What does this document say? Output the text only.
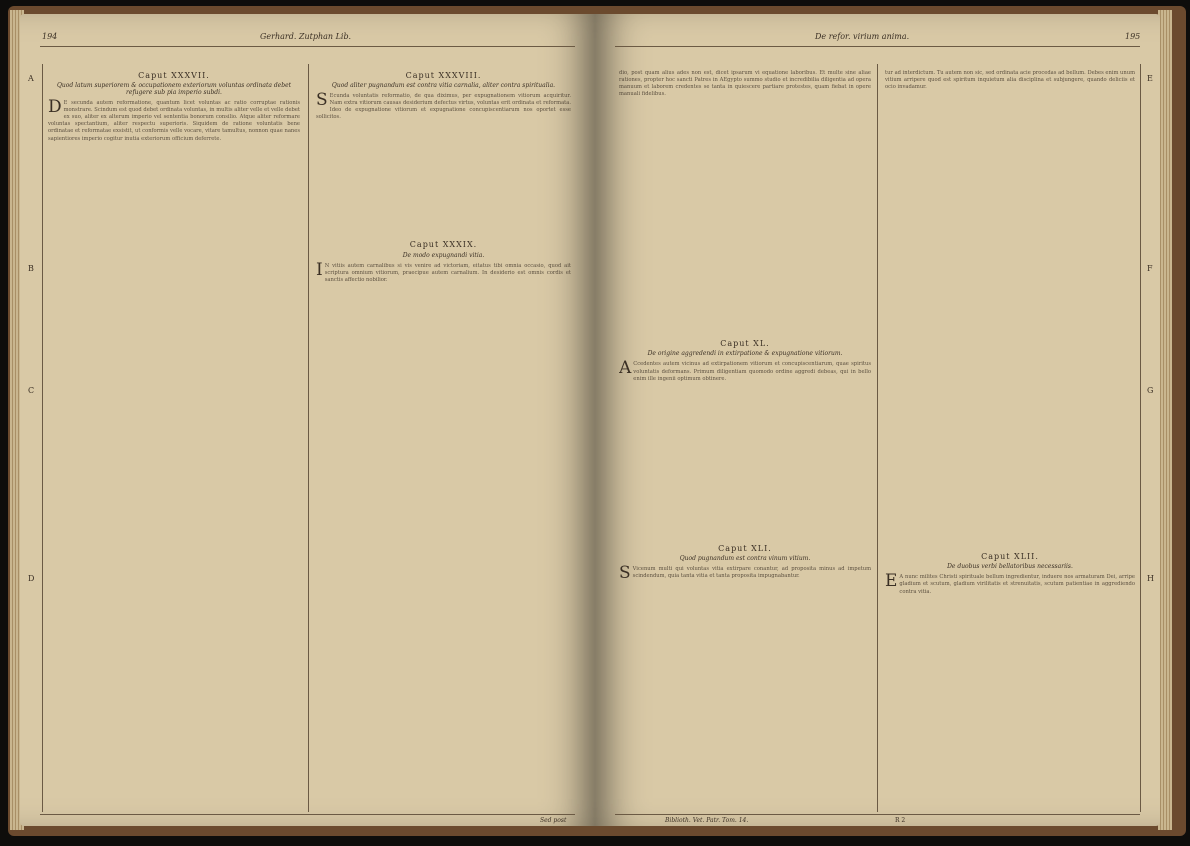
194	Gerhard. Zutphan Lib.
A
B
C
D
Caput XXXVII.
Quod latum superiorem & occupationem exteriorum voluntas ordinata debet refugere sub pia imperio subdi.
D E secunda autem reformatione, quantum licet voluntas ac ratio corruptae rationis monstrare. Scindum est quod debet ordinata voluntas, in multis aliter velle et velle debet ex suo, aliter ex alterum imperio vel sententia bonorum consilio. Atque aliter reformare voluntas spectantium, aliter respectu superioris. Siquidem de ratione voluntatis bene ordinatae et reformatae exsistit, ut conformis velle vocare, vitare tamultus, nonnon quae nanes sapientiores imperio cogitur inutia exteriorum officium deferrete.
Caput XXXVIII.
Quod aliter pugnandum est contra vitia carnalia, aliter contra spiritualia.
S Ecunda voluntatis reformatio, de qua diximus, per expugnationem vitiorum acquiritur. Nam extra vitiorum causas desiderium defectus virtus, voluntas erit ordinata et reformata. Ideo de expugnatione vitiorum et expugnatione concupiscentiarum nos oportet esse sollicitos.
Caput XXXIX.
De modo expugnandi vitia.
I N vitiis autem carnalibus si vis venire ad victoriam, eitatus tibi omnia occasio, quod ait scriptura omnium vitiorum, praecipue autem carnalium. In desiderio est omnis cordis et sanctis affectio nobilior.
Sed post
De refor. virium anima.	195
E
F
G
H
dio, post quam alius ades non est, dicet ipsarum vi equatione laboribus. Et multe sine aliae rationes, propter hoc sancti Patres in AEgypto summo studio et incredibilia diligentia ad opera manuum et laborem credentes se tanta in quiescere partiare protestes, quam fiebat in opere manuali fidelibus.
Caput XL.
De origine aggredendi in extirpatione & expugnatione vitiorum.
A Ccedentes autem vicinus ad extirpationem vitiorum et concupiscentiarum, quae spiritus voluntatis deformans. Primum diligentiam quomodo ordine aggredi debeas, qui in bello enim ille ingenii optimum obtinere.
Caput XLI.
Quod pugnandum est contra vinum vitium.
S Vicenum multi qui voluntas vitia extirpare conantur, ad proposita minus ad impetum scindendum, quia tanta vitia et tanta proposita impugnabantur.
tur ad interdictum. Tu autem non sic, sed ordinata acie procedas ad bellum. Debes enim unum vitium arripere quod est spiritum inquietum alia disciplina et subjungere, quando deliciis et ocio invadamur.
Caput XLII.
De duobus verbi bellatoribus necessariis.
E A nunc milites Christi spirituale bellum ingredientur, induere nos armaturam Dei, arripe gladium et scutum, gladium virilitatis et strenuitatis, scutum patientiae in aggrediendo contra vitia.
Biblioth. Vet. Patr. Tom. 14.	R 2
